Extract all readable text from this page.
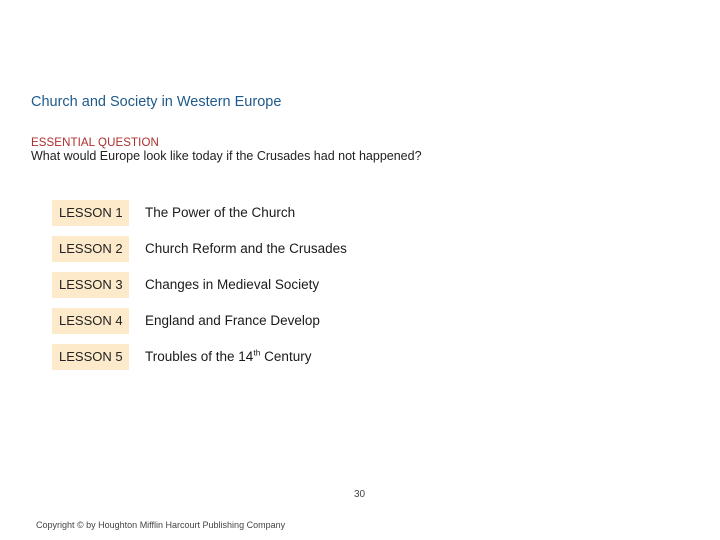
Church and Society in Western Europe
ESSENTIAL QUESTION
What would Europe look like today if the Crusades had not happened?
LESSON 1	The Power of the Church
LESSON 2	Church Reform and the Crusades
LESSON 3	Changes in Medieval Society
LESSON 4	England and France Develop
LESSON 5	Troubles of the 14th Century
30
Copyright © by Houghton Mifflin Harcourt Publishing Company
